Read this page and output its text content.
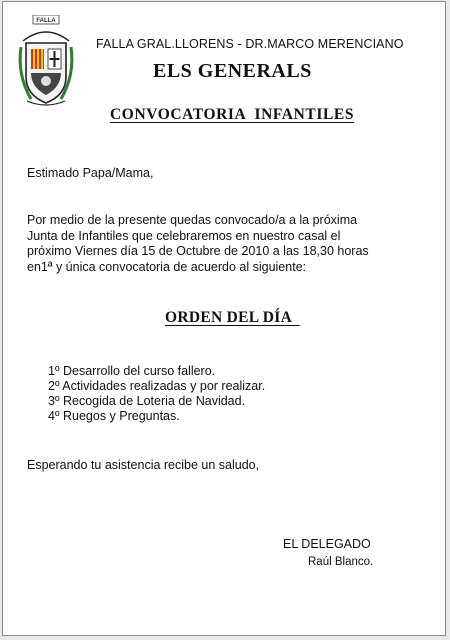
FALLA
FALLA GRAL.LLORENS - DR.MARCO MERENCIANO
ELS GENERALS
CONVOCATORIA  INFANTILES
Estimado Papa/Mama,
Por medio de la presente quedas convocado/a a la próxima
Junta de Infantiles que celebraremos en nuestro casal el
próximo Viernes día 15 de Octubre de 2010 a las 18,30 horas
en1ª y única convocatoria de acuerdo al siguiente:
ORDEN DEL DÍA
1º Desarrollo del curso fallero.
2º Actividades realizadas y por realizar.
3º Recogida de Loteria de Navidad.
4º Ruegos y Preguntas.
Esperando tu asistencia recibe un saludo,
EL DELEGADO
Raúl Blanco.
